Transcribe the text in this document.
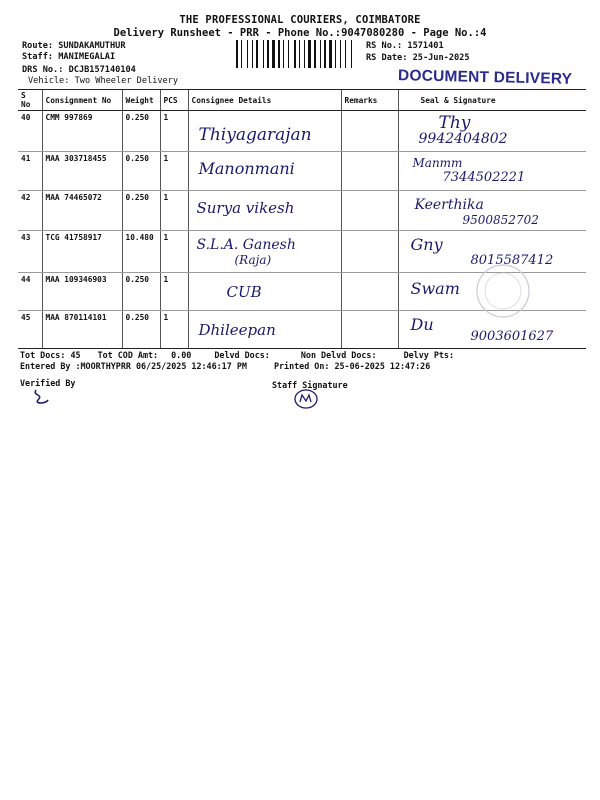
THE PROFESSIONAL COURIERS, COIMBATORE
Delivery Runsheet - PRR - Phone No.:9047080280 - Page No.:4
Route: SUNDAKAMUTHUR
Staff: MANIMEGALAI
DRS No.: DCJB157140104
Vehicle: Two Wheeler Delivery
RS No.: 1571401
RS Date: 25-Jun-2025
DOCUMENT DELIVERY
S No	Consignment No	Weight	PCS	Consignee Details	Remarks	Seal & Signature
40	CMM 997869	0.250	1	Thiyagarajan		Thy
9942404802

41	MAA 303718455	0.250	1	Manonmani		Manmm
7344502221

42	MAA 74465072	0.250	1	Surya vikesh		Keerthika
9500852702

43	TCG 41758917	10.480	1	S.L.A. Ganesh
(Raja)		Gny
8015587412

44	MAA 109346903	0.250	1	CUB		Swam

45	MAA 870114101	0.250	1	Dhileepan		Du
9003601627
Tot Docs: 45 Tot COD Amt: 0.00	Delvd Docs:	Non Delvd Docs:	Delvy Pts:
Entered By :MOORTHYPRR 06/25/2025 12:46:17 PM	Printed On: 25-06-2025 12:47:26
Verified By	Staff Signature
